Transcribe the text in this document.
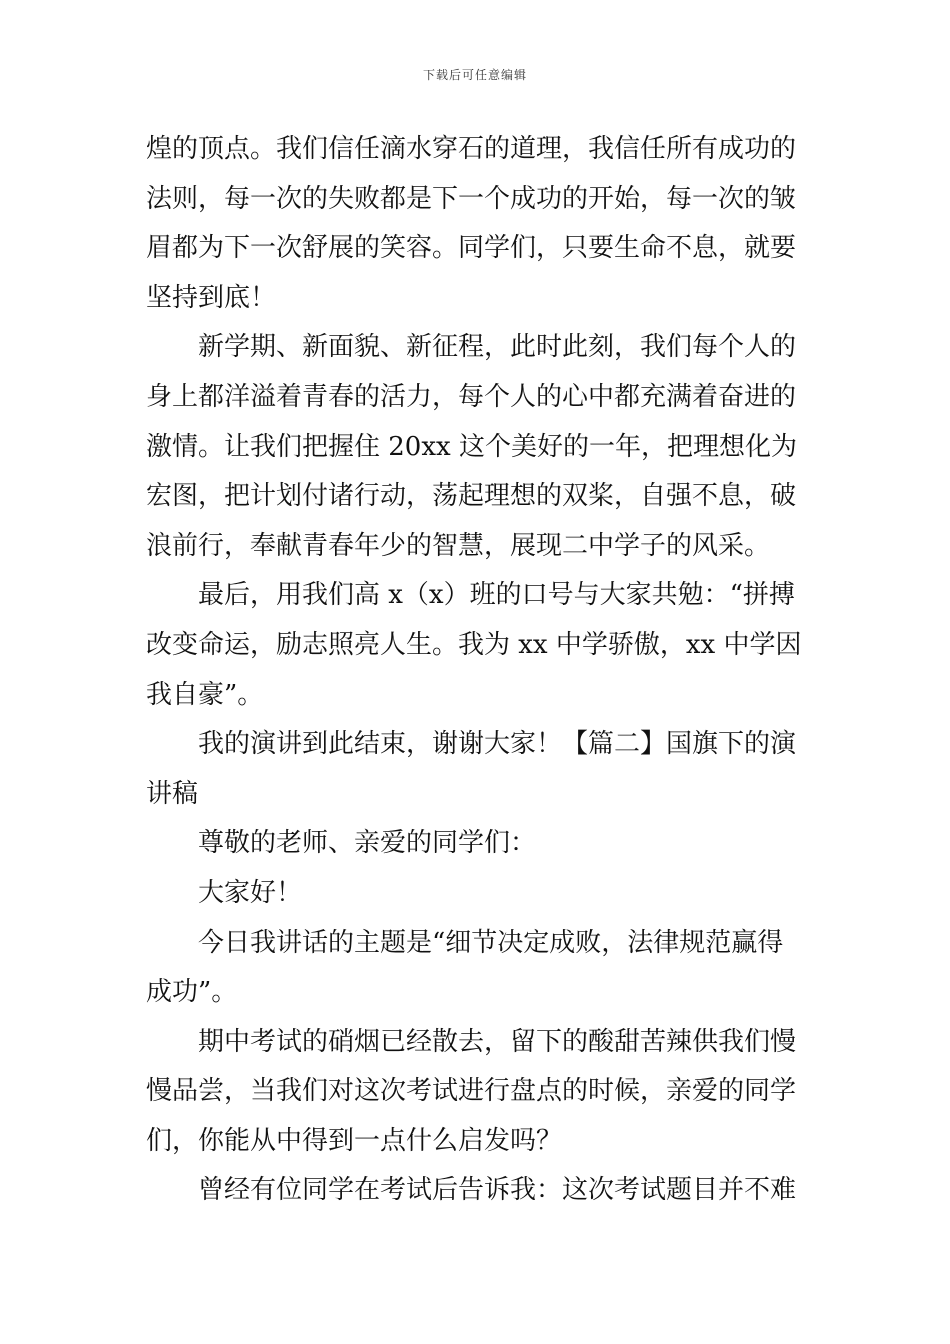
下载后可任意编辑

煌的顶点。我们信任滴水穿石的道理，我信任所有成功的法则，每一次的失败都是下一个成功的开始，每一次的皱眉都为下一次舒展的笑容。同学们，只要生命不息，就要坚持到底！

新学期、新面貌、新征程，此时此刻，我们每个人的身上都洋溢着青春的活力，每个人的心中都充满着奋进的激情。让我们把握住 20xx 这个美好的一年，把理想化为宏图，把计划付诸行动，荡起理想的双桨，自强不息，破浪前行，奉献青春年少的智慧，展现二中学子的风采。

最后，用我们高 x（x）班的口号与大家共勉：“拼搏改变命运，励志照亮人生。我为 xx 中学骄傲，xx 中学因我自豪”。

我的演讲到此结束，谢谢大家！【篇二】国旗下的演讲稿

尊敬的老师、亲爱的同学们：

大家好！

今日我讲话的主题是“细节决定成败，法律规范赢得成功”。

期中考试的硝烟已经散去，留下的酸甜苦辣供我们慢慢品尝，当我们对这次考试进行盘点的时候，亲爱的同学们，你能从中得到一点什么启发吗？

曾经有位同学在考试后告诉我：这次考试题目并不难
